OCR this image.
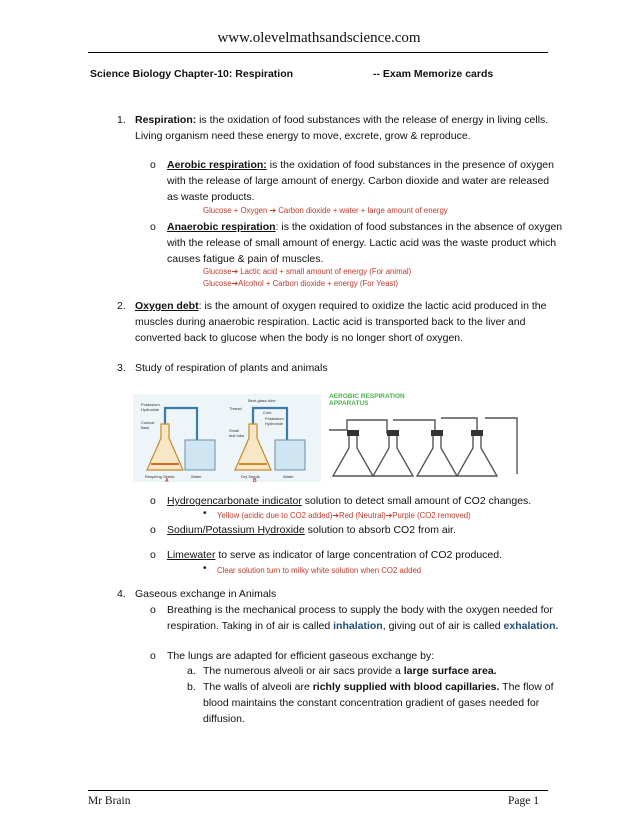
www.olevelmathsandscience.com
Science Biology Chapter-10: Respiration	-- Exam Memorize cards
1. Respiration: is the oxidation of food substances with the release of energy in living cells.
Living organism need these energy to move, excrete, grow & reproduce.
o Aerobic respiration: is the oxidation of food substances in the presence of oxygen
with the release of large amount of energy. Carbon dioxide and water are released
as waste products.
Glucose + Oxygen ➔ Carbon dioxide + water + large amount of energy
o Anaerobic respiration: is the oxidation of food substances in the absence of oxygen
with the release of small amount of energy. Lactic acid was the waste product which
causes fatigue & pain of muscles.
Glucose➔ Lactic acid + small amount of energy (For animal)
Glucose➔Alcohol + Carbon dioxide + energy (For Yeast)
2. Oxygen debt: is the amount of oxygen required to oxidize the lactic acid produced in the
muscles during anaerobic respiration. Lactic acid is transported back to the liver and
converted back to glucose when the body is no longer short of oxygen.
3. Study of respiration of plants and animals
Bent glass tube
Thread
Cork
Potassium
Hydroxide
Conical
flask
Small
test tube
Potassium
Hydroxide
Respiring Seeds	Water	Dry Seeds	Water
A	B
AEROBIC RESPIRATION
APPARATUS
o Hydrogencarbonate indicator solution to detect small amount of CO2 changes.
• Yellow (acidic due to CO2 added)➔Red (Neutral)➔Purple (CO2 removed)
o Sodium/Potassium Hydroxide solution to absorb CO2 from air.
o Limewater to serve as indicator of large concentration of CO2 produced.
• Clear solution turn to milky white solution when CO2 added
4. Gaseous exchange in Animals
o Breathing is the mechanical process to supply the body with the oxygen needed for
respiration. Taking in of air is called inhalation, giving out of air is called exhalation.
o The lungs are adapted for efficient gaseous exchange by:
a. The numerous alveoli or air sacs provide a large surface area.
b. The walls of alveoli are richly supplied with blood capillaries. The flow of
blood maintains the constant concentration gradient of gases needed for
diffusion.
Mr Brain	Page 1
